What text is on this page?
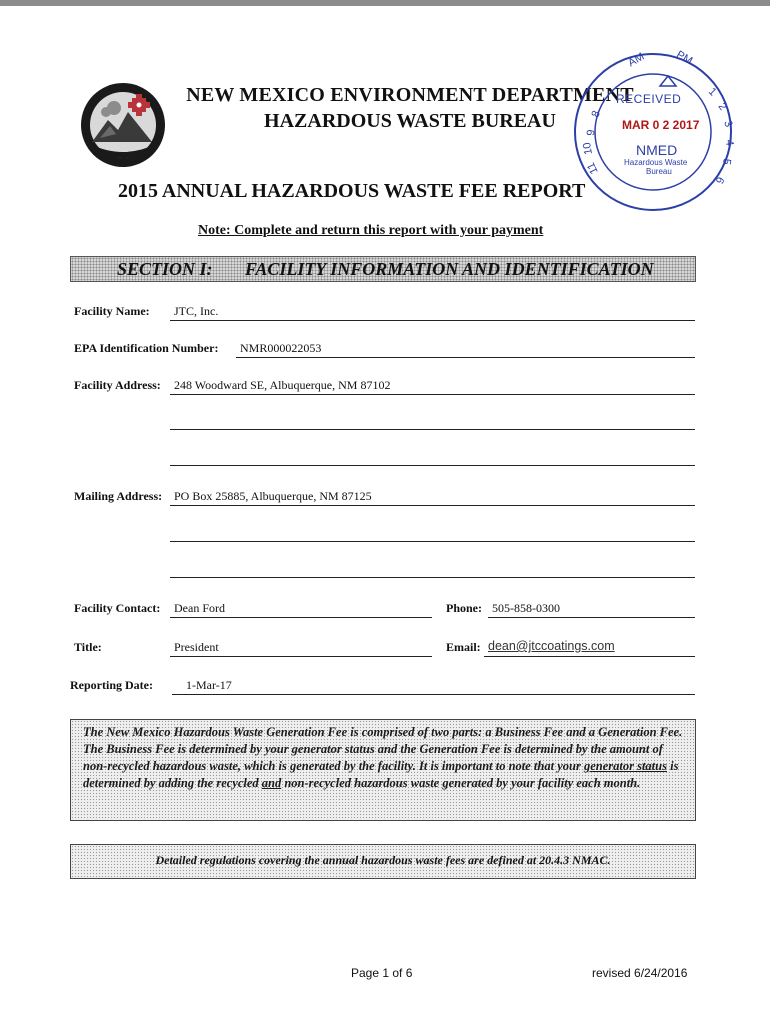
NEW MEXICO ENVIRONMENT DEPARTMENT
HAZARDOUS WASTE BUREAU
2015 ANNUAL HAZARDOUS WASTE FEE REPORT
Note: Complete and return this report with your payment
8
9
10
11
1
2
3
4
5
6
AM	PM
RECEIVED
MAR 0 2 2017
NMED
Hazardous Waste
Bureau
SECTION I: FACILITY INFORMATION AND IDENTIFICATION
Facility Name: JTC, Inc.
EPA Identification Number: NMR000022053
Facility Address: 248 Woodward SE, Albuquerque, NM 87102
Mailing Address: PO Box 25885, Albuquerque, NM 87125
Facility Contact: Dean Ford	Phone: 505-858-0300
Title:	President	Email: dean@jtccoatings.com
Reporting Date:	1-Mar-17

The New Mexico Hazardous Waste Generation Fee is comprised of two parts: a Business Fee and a Generation Fee. The Business Fee is determined by your generator status and the Generation Fee is determined by the amount of non-recycled hazardous waste, which is generated by the facility. It is important to note that your generator status is determined by adding the recycled and non-recycled hazardous waste generated by your facility each month.

Detailed regulations covering the annual hazardous waste fees are defined at 20.4.3 NMAC.
Page 1 of 6	revised 6/24/2016
